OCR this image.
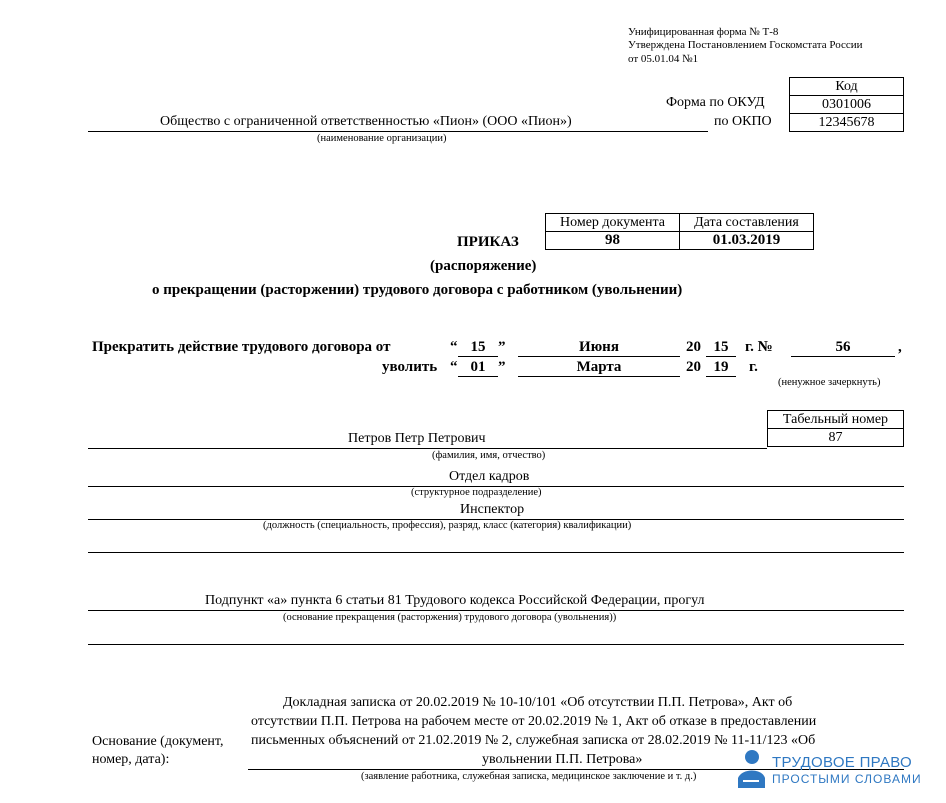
Унифицированная форма № Т-8
Утверждена Постановлением Госкомстата России
от 05.01.04 №1
Код
0301006
12345678
Форма по ОКУД
по ОКПО
Общество с ограниченной ответственностью «Пион» (ООО «Пион»)
(наименование организации)
Номер документа	Дата составления
98	01.03.2019
ПРИКАЗ
(распоряжение)
о прекращении (расторжении) трудового договора с работником (увольнении)
Прекратить действие трудового договора от	“ 15 ”	Июня	20 15	г. №	56	,
уволить “ 01 ”	Марта	20 19	г.
(ненужное зачеркнуть)
Табельный номер
87
Петров Петр Петрович
(фамилия, имя, отчество)
Отдел кадров
(структурное подразделение)
Инспектор
(должность (специальность, профессия), разряд, класс (категория) квалификации)
Подпункт «а» пункта 6 статьи 81 Трудового кодекса Российской Федерации, прогул
(основание прекращения (расторжения) трудового договора (увольнения))
Основание (документ,
номер, дата):
Докладная записка от 20.02.2019 № 10-10/101 «Об отсутствии П.П. Петрова», Акт об
отсутствии П.П. Петрова на рабочем месте от 20.02.2019 № 1, Акт об отказе в предоставлении
письменных объяснений от 21.02.2019 № 2, служебная записка от 28.02.2019 № 11-11/123 «Об
увольнении П.П. Петрова»
(заявление работника, служебная записка, медицинское заключение и т. д.)
ТРУДОВОЕ ПРАВО
ПРОСТЫМИ СЛОВАМИ
